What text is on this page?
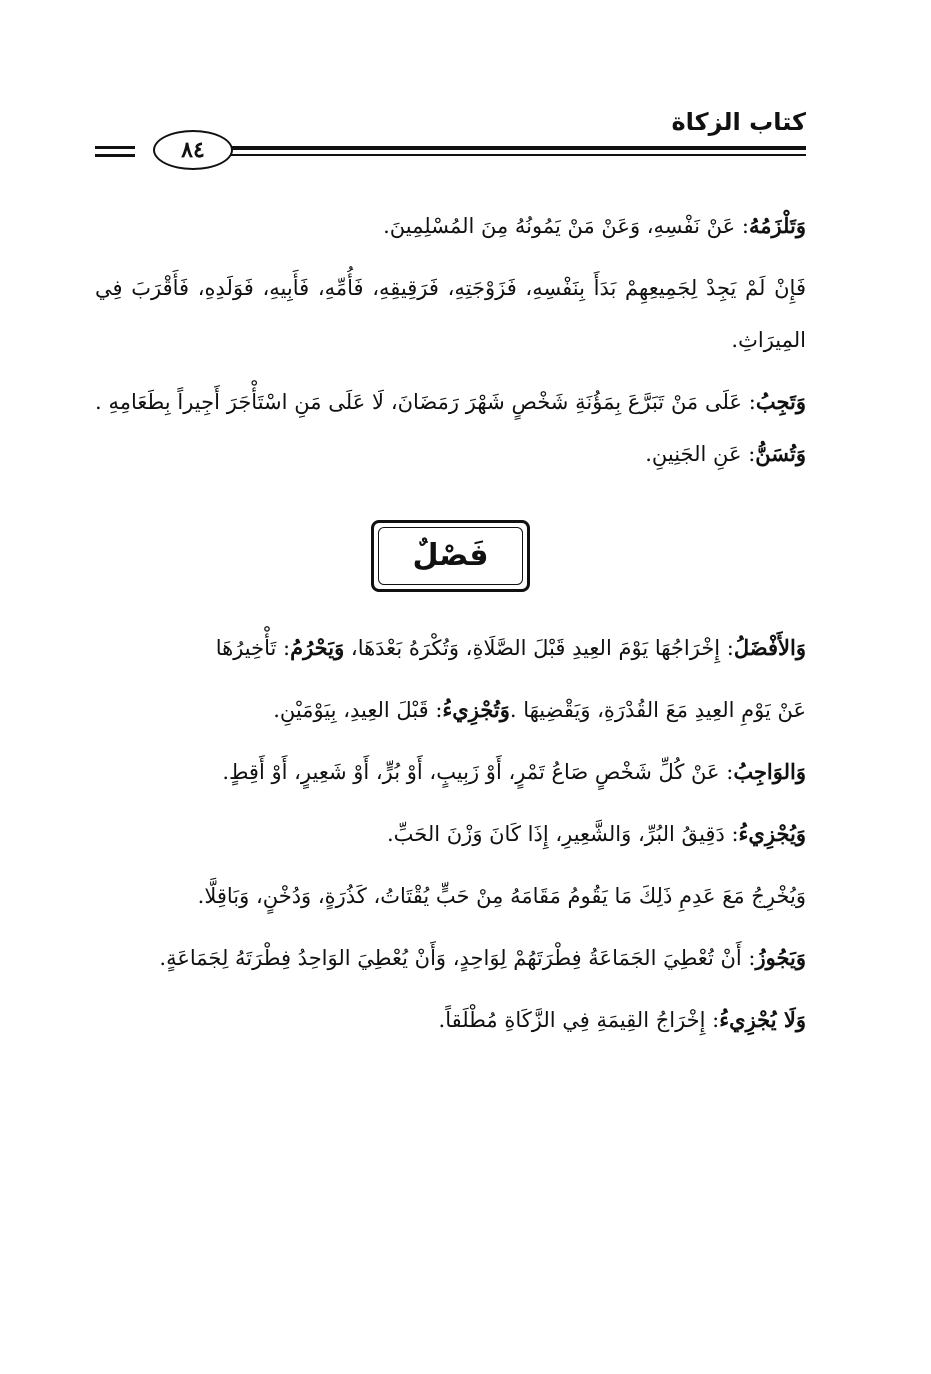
كتاب الزكاة
٨٤

وَتَلْزَمُهُ: عَنْ نَفْسِهِ، وَعَنْ مَنْ يَمُونُهُ مِنَ المُسْلِمِينَ.

فَإِنْ لَمْ يَجِدْ لِجَمِيعِهِمْ بَدَأَ بِنَفْسِهِ، فَزَوْجَتِهِ، فَرَقِيقِهِ، فَأُمِّهِ، فَأَبِيهِ، فَوَلَدِهِ، فَأَقْرَبَ فِي المِيرَاثِ.

وَتَجِبُ: عَلَى مَنْ تَبَرَّعَ بِمَؤُنَةِ شَخْصٍ شَهْرَ رَمَضَانَ، لَا عَلَى مَنِ اسْتَأْجَرَ أَجِيراً بِطَعَامِهِ . وَتُسَنُّ: عَنِ الجَنِينِ.

فَصْلٌ

وَالأَفْضَلُ: إِخْرَاجُهَا يَوْمَ العِيدِ قَبْلَ الصَّلَاةِ، وَتُكْرَهُ بَعْدَهَا، وَيَحْرُمُ: تَأْخِيرُهَا

عَنْ يَوْمِ العِيدِ مَعَ القُدْرَةِ، وَيَقْضِيهَا .وَتُجْزِيءُ: قَبْلَ العِيدِ، بِيَوْمَيْنِ.

وَالوَاجِبُ: عَنْ كُلِّ شَخْصٍ صَاعُ تَمْرٍ، أَوْ زَبِيبٍ، أَوْ بُرٍّ، أَوْ شَعِيرٍ، أَوْ أَقِطٍ.

وَيُجْزِيءُ: دَقِيقُ البُرِّ، وَالشَّعِيرِ، إِذَا كَانَ وَزْنَ الحَبِّ.

وَيُخْرِجُ مَعَ عَدِمِ ذَلِكَ مَا يَقُومُ مَقَامَهُ مِنْ حَبٍّ يُقْتَاتُ، كَذُرَةٍ، وَدُخْنٍ، وَبَاقِلَّا.

وَيَجُوزُ: أَنْ تُعْطِيَ الجَمَاعَةُ فِطْرَتَهُمْ لِوَاحِدٍ، وَأَنْ يُعْطِيَ الوَاحِدُ فِطْرَتَهُ لِجَمَاعَةٍ.

وَلَا يُجْزِيءُ: إِخْرَاجُ القِيمَةِ فِي الزَّكَاةِ مُطْلَقاً.
